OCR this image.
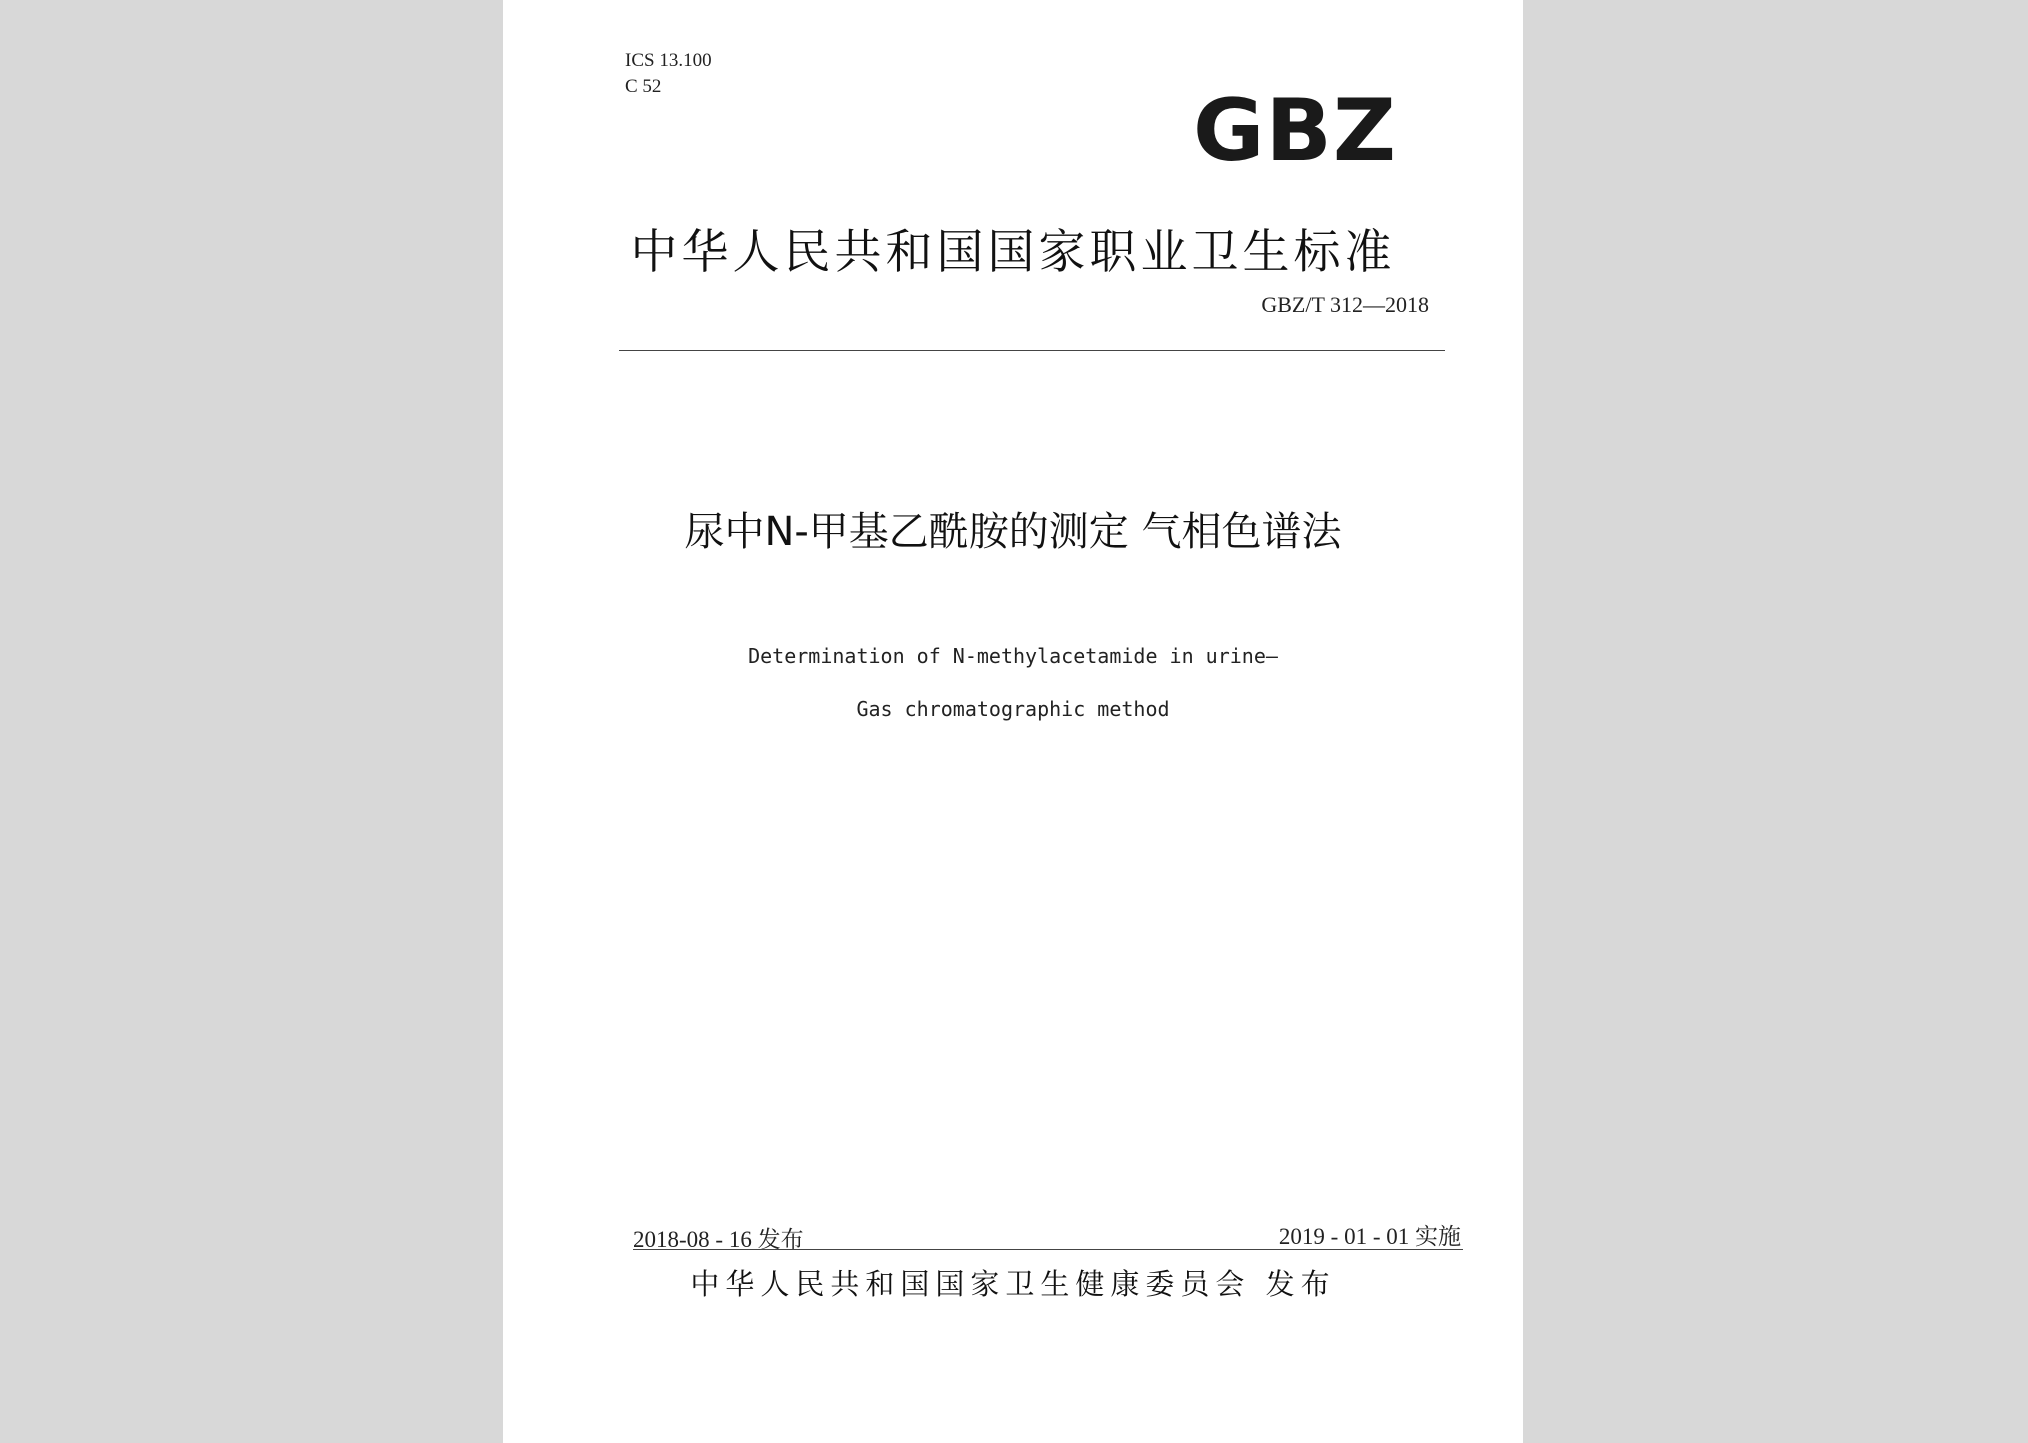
ICS 13.100

C 52	GBZ

中华人民共和国国家职业卫生标准

GBZ/T 312—2018

尿中N-甲基乙酰胺的测定 气相色谱法

Determination of N-methylacetamide in urine—

Gas chromatographic method

2018-08 - 16 发布	2019 - 01 - 01 实施

中华人民共和国国家卫生健康委员会 发布
